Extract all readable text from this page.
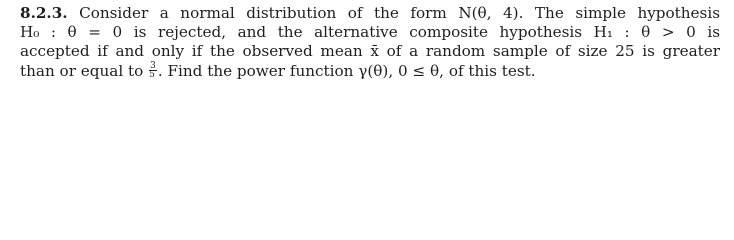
8.2.3. Consider a normal distribution of the form N(θ, 4). The simple hypothesis
H₀ : θ = 0 is rejected, and the alternative composite hypothesis H₁ : θ > 0 is
accepted if and only if the observed mean x̄ of a random sample of size 25 is greater
than or equal to $\frac{3}{5}$ . Find the power function γ(θ), 0 ≤ θ, of this test.
